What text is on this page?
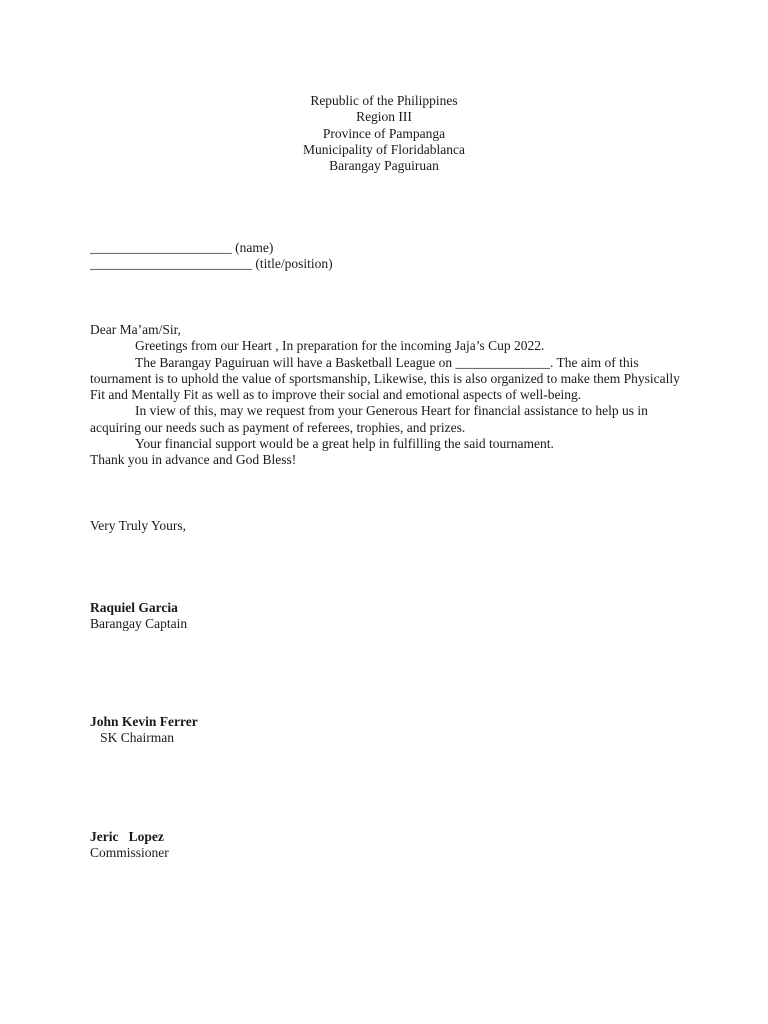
Republic of the Philippines
Region III
Province of Pampanga
Municipality of Floridablanca
Barangay Paguiruan
_____________________ (name)
________________________ (title/position)

Dear Ma’am/Sir,

Greetings from our Heart , In preparation for the incoming Jaja’s Cup 2022.

The Barangay Paguiruan will have a Basketball League on ______________. The aim of this tournament is to uphold the value of sportsmanship, Likewise, this is also organized to make them Physically Fit and Mentally Fit as well as to improve their social and emotional aspects of well-being.

In view of this, may we request from your Generous Heart for financial assistance to help us in acquiring our needs such as payment of referees, trophies, and prizes.

Your financial support would be a great help in fulfilling the said tournament.

Thank you in advance and God Bless!

Very Truly Yours,
Raquiel Garcia
Barangay Captain
John Kevin Ferrer
SK Chairman
Jeric   Lopez
Commissioner
